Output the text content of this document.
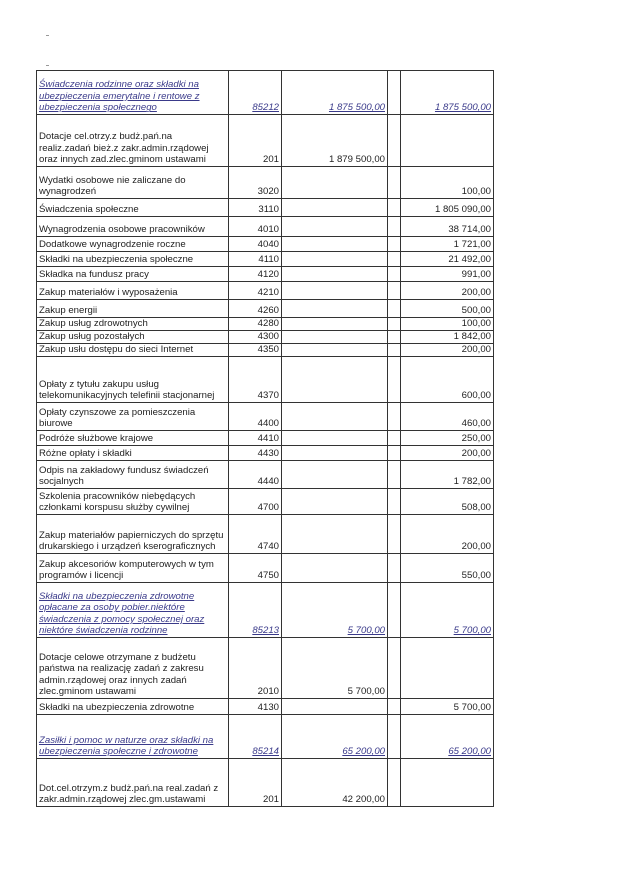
Świadczenia rodzinne oraz składki na ubezpieczenia emerytalne i rentowe z ubezpieczenia społecznego	85212	1 875 500,00		1 875 500,00
Dotacje cel.otrzy.z budż.pań.na realiz.zadań bież.z zakr.admin.rządowej oraz innych zad.zlec.gminom ustawami	201	1 879 500,00		
Wydatki osobowe nie zaliczane do wynagrodzeń	3020			100,00
Świadczenia społeczne	3110			1 805 090,00
Wynagrodzenia osobowe pracowników	4010			38 714,00
Dodatkowe wynagrodzenie roczne	4040			1 721,00
Składki na ubezpieczenia społeczne	4110			21 492,00
Składka na fundusz pracy	4120			991,00
Zakup materiałów i wyposażenia	4210			200,00
Zakup energii	4260			500,00
Zakup usług zdrowotnych	4280			100,00
Zakup usług pozostałych	4300			1 842,00
Zakup usłu dostępu do sieci Internet	4350			200,00
Opłaty z tytułu zakupu usług telekomunikacyjnych telefinii stacjonarnej	4370			600,00
Opłaty czynszowe za pomieszczenia biurowe	4400			460,00
Podróże służbowe krajowe	4410			250,00
Różne opłaty i składki	4430			200,00
Odpis na zakładowy fundusz świadczeń socjalnych	4440			1 782,00
Szkolenia pracowników niebędących członkami korspusu służby cywilnej	4700			508,00
Zakup materiałów papierniczych do sprzętu drukarskiego i urządzeń kserograficznych	4740			200,00
Zakup akcesoriów komputerowych w tym programów i licencji	4750			550,00
Składki na ubezpieczenia zdrowotne opłacane za osoby pobier.niektóre świadczenia z pomocy społecznej oraz niektóre świadczenia rodzinne	85213	5 700,00		5 700,00
Dotacje celowe otrzymane z budżetu państwa na realizację zadań z zakresu admin.rządowej oraz innych zadań zlec.gminom ustawami	2010	5 700,00		
Składki na ubezpieczenia zdrowotne	4130			5 700,00
Zasiłki i pomoc w naturze oraz składki na ubezpieczenia społeczne i zdrowotne	85214	65 200,00		65 200,00
Dot.cel.otrzym.z budż.pań.na real.zadań z zakr.admin.rządowej zlec.gm.ustawami	201	42 200,00		
